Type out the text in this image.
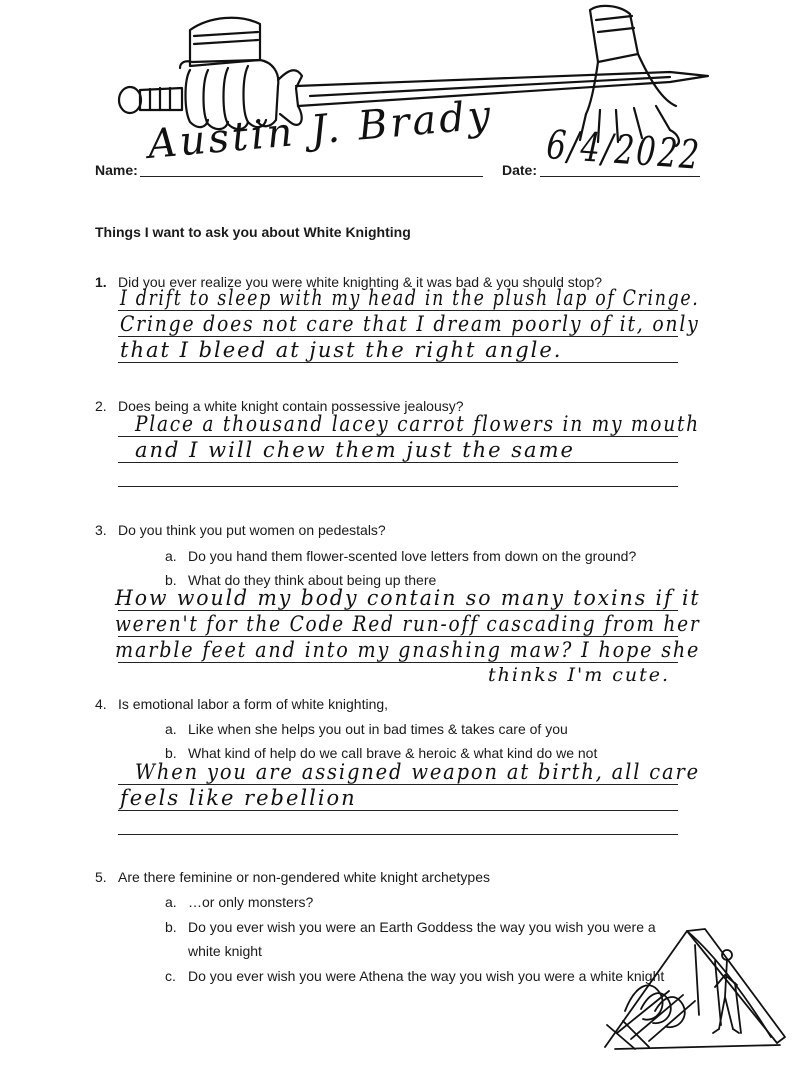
Name:
Austin J. Brady
Date: 6/4/2022
Things I want to ask you about White Knighting
1. Did you ever realize you were white knighting & it was bad & you should stop?
I drift to sleep with my head in the plush lap of Cringe.
Cringe does not care that I dream poorly of it, only
that I bleed at just the right angle.
2. Does being a white knight contain possessive jealousy?
Place a thousand lacey carrot flowers in my mouth
and I will chew them just the same
3. Do you think you put women on pedestals?
a. Do you hand them flower-scented love letters from down on the ground?
b. What do they think about being up there
How would my body contain so many toxins if it
weren't for the Code Red run-off cascading from her
marble feet and into my gnashing maw? I hope she
thinks I'm cute.
4. Is emotional labor a form of white knighting,
a. Like when she helps you out in bad times & takes care of you
b. What kind of help do we call brave & heroic & what kind do we not
When you are assigned weapon at birth, all care
feels like rebellion
5. Are there feminine or non-gendered white knight archetypes
a. …or only monsters?
b. Do you ever wish you were an Earth Goddess the way you wish you were a
white knight
c. Do you ever wish you were Athena the way you wish you were a white knight
